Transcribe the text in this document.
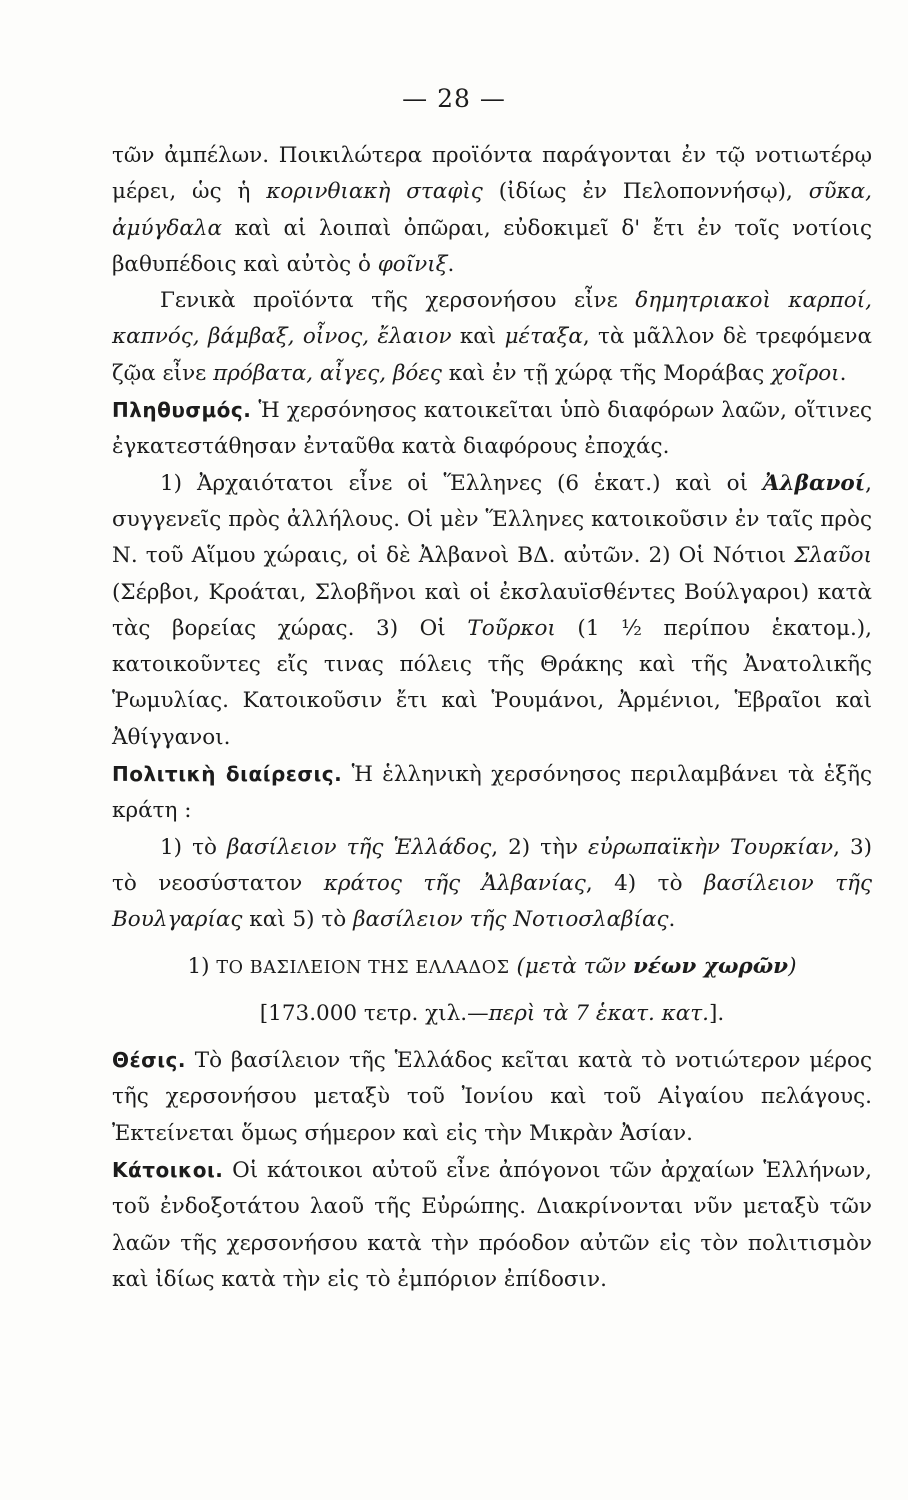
— 28 —

τῶν ἀμπέλων. Ποικιλώτερα προϊόντα παράγονται ἐν τῷ νοτιωτέρῳ μέρει, ὡς ἡ κορινθιακὴ σταφὶς (ἰδίως ἐν Πελοποννήσῳ), σῦκα, ἀμύγδαλα καὶ αἱ λοιπαὶ ὀπῶραι, εὐδοκιμεῖ δ' ἔτι ἐν τοῖς νοτίοις βαθυπέδοις καὶ αὐτὸς ὁ φοῖνιξ.

Γενικὰ προϊόντα τῆς χερσονήσου εἶνε δημητριακοὶ καρποί, καπνός, βάμβαξ, οἶνος, ἔλαιον καὶ μέταξα, τὰ μᾶλλον δὲ τρεφόμενα ζῷα εἶνε πρόβατα, αἶγες, βόες καὶ ἐν τῇ χώρᾳ τῆς Μοράβας χοῖροι.

Πληθυσμός. Ἡ χερσόνησος κατοικεῖται ὑπὸ διαφόρων λαῶν, οἵτινες ἐγκατεστάθησαν ἐνταῦθα κατὰ διαφόρους ἐποχάς.

1) Ἀρχαιότατοι εἶνε οἱ Ἕλληνες (6 ἑκατ.) καὶ οἱ Ἀλβανοί, συγγενεῖς πρὸς ἀλλήλους. Οἱ μὲν Ἕλληνες κατοικοῦσιν ἐν ταῖς πρὸς Ν. τοῦ Αἵμου χώραις, οἱ δὲ Ἀλβανοὶ ΒΔ. αὐτῶν. 2) Οἱ Νότιοι Σλαῦοι (Σέρβοι, Κροάται, Σλοβῆνοι καὶ οἱ ἐκσλαυϊσθέντες Βούλγαροι) κατὰ τὰς βορείας χώρας. 3) Οἱ Τοῦρκοι (1 ½ περίπου ἑκατομ.), κατοικοῦντες εἴς τινας πόλεις τῆς Θράκης καὶ τῆς Ἀνατολικῆς Ῥωμυλίας. Κατοικοῦσιν ἔτι καὶ Ῥουμάνοι, Ἀρμένιοι, Ἑβραῖοι καὶ Ἀθίγγανοι.

Πολιτικὴ διαίρεσις. Ἡ ἑλληνικὴ χερσόνησος περιλαμβάνει τὰ ἑξῆς κράτη :

1) τὸ βασίλειον τῆς Ἑλλάδος, 2) τὴν εὐρωπαϊκὴν Τουρκίαν, 3) τὸ νεοσύστατον κράτος τῆς Ἀλβανίας, 4) τὸ βασίλειον τῆς Βουλγαρίας καὶ 5) τὸ βασίλειον τῆς Νοτιοσλαβίας.

1) ΤΟ ΒΑΣΙΛΕΙΟΝ ΤΗΣ ΕΛΛΑΔΟΣ (μετὰ τῶν νέων χωρῶν)

[173.000 τετρ. χιλ.—περὶ τὰ 7 ἑκατ. κατ.].

Θέσις. Τὸ βασίλειον τῆς Ἑλλάδος κεῖται κατὰ τὸ νοτιώτερον μέρος τῆς χερσονήσου μεταξὺ τοῦ Ἰονίου καὶ τοῦ Αἰγαίου πελάγους. Ἐκτείνεται ὅμως σήμερον καὶ εἰς τὴν Μικρὰν Ἀσίαν.

Κάτοικοι. Οἱ κάτοικοι αὐτοῦ εἶνε ἀπόγονοι τῶν ἀρχαίων Ἑλλήνων, τοῦ ἐνδοξοτάτου λαοῦ τῆς Εὐρώπης. Διακρίνονται νῦν μεταξὺ τῶν λαῶν τῆς χερσονήσου κατὰ τὴν πρόοδον αὐτῶν εἰς τὸν πολιτισμὸν καὶ ἰδίως κατὰ τὴν εἰς τὸ ἐμπόριον ἐπίδοσιν.
